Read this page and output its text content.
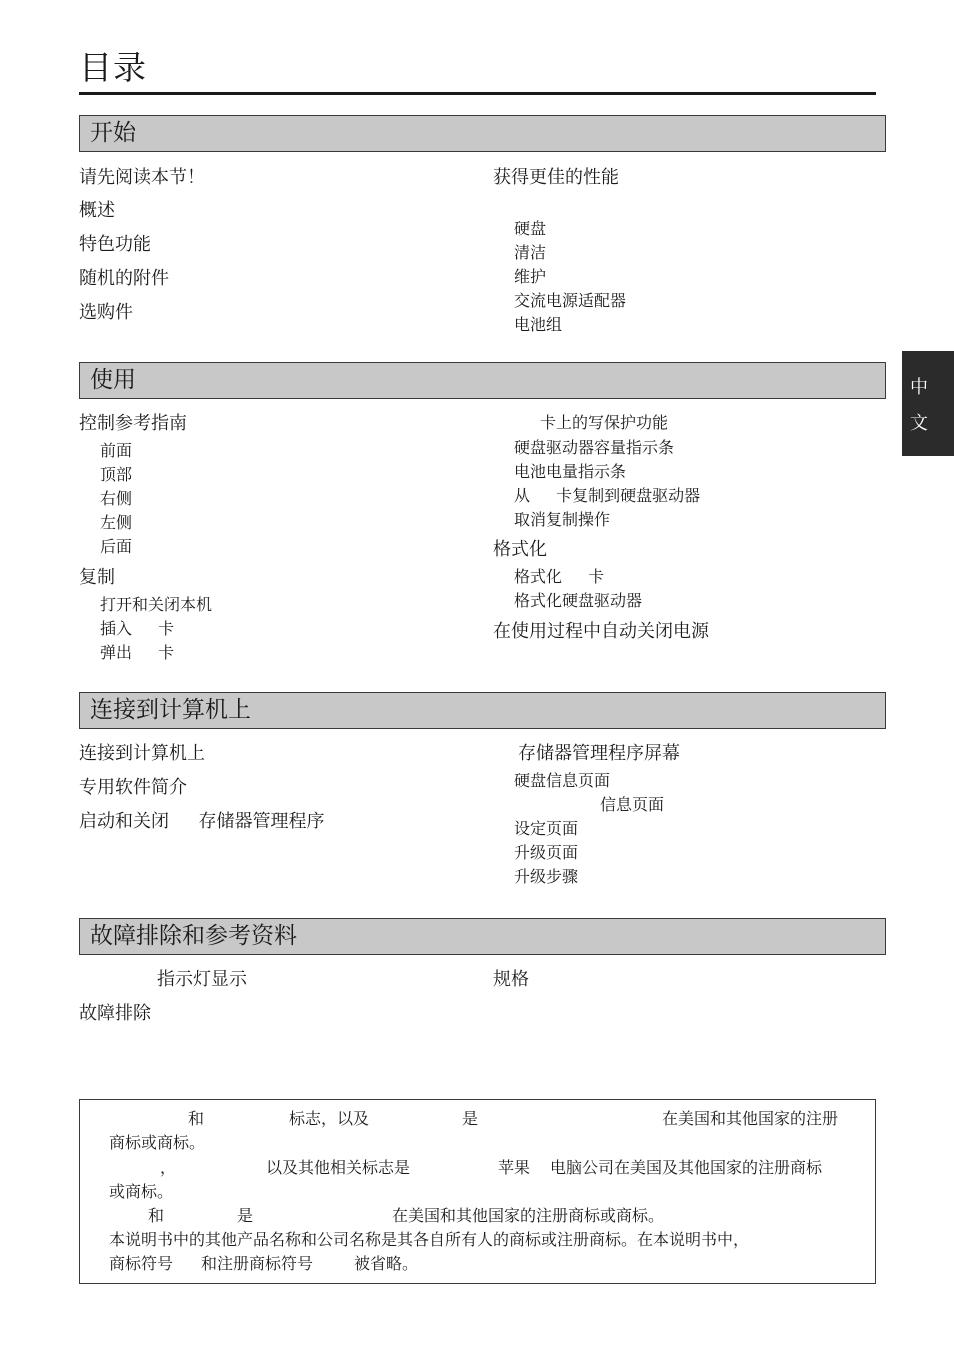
目录
中
文
开始
请先阅读本节！
概述
特色功能
随机的附件
选购件
获得更佳的性能
硬盘
清洁
维护
交流电源适配器
电池组
使用
控制参考指南
前面
顶部
右侧
左侧
后面
复制
打开和关闭本机
插入 　 卡
弹出 　 卡
卡上的写保护功能
硬盘驱动器容量指示条
电池电量指示条
从 　 卡复制到硬盘驱动器
取消复制操作
格式化
格式化 　 卡
格式化硬盘驱动器
在使用过程中自动关闭电源
连接到计算机上
连接到计算机上
专用软件简介
启动和关闭 　 存储器管理程序
存储器管理程序屏幕
硬盘信息页面
信息页面
设定页面
升级页面
升级步骤
故障排除和参考资料
指示灯显示
故障排除
规格
和	标志，以及	是	在美国和其他国家的注册
商标或商标。
，	以及其他相关标志是	苹果 电脑公司在美国及其他国家的注册商标
或商标。
和	是	在美国和其他国家的注册商标或商标。
本说明书中的其他产品名称和公司名称是其各自所有人的商标或注册商标。在本说明书中，
商标符号 和注册商标符号	被省略。
